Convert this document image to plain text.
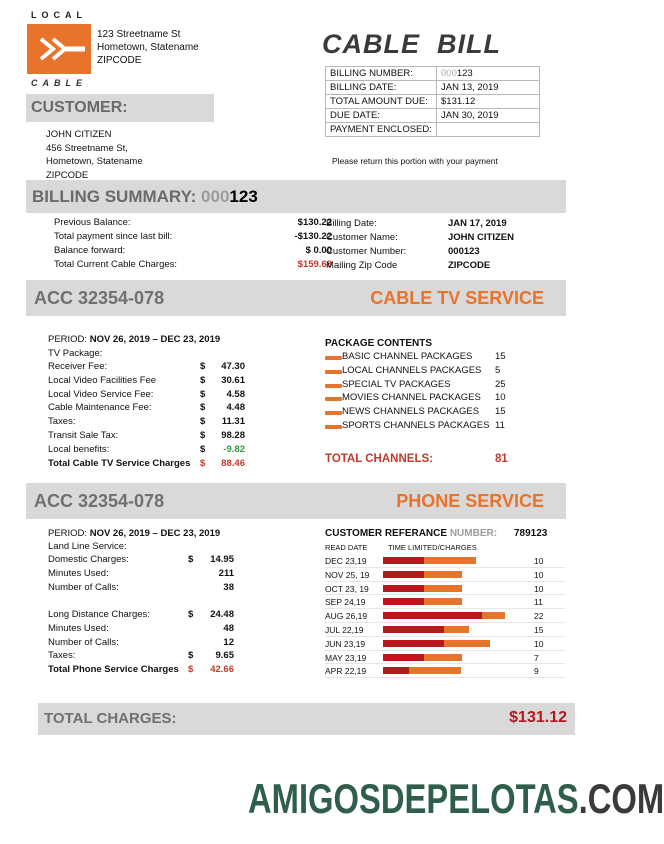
LOCAL
CABLE
123 Streetname St
Hometown, Statename
ZIPCODE
CABLE  BILL
BILLING NUMBER:	000123
BILLING DATE:	JAN 13, 2019
TOTAL AMOUNT DUE:	$131.12
DUE DATE:	JAN 30, 2019
PAYMENT ENCLOSED:	
CUSTOMER:
JOHN CITIZEN
456 Streetname St,
Hometown, Statename
ZIPCODE
Please return this portion with your payment
BILLING SUMMARY: 000123
Previous Balance:	$130.22
Total payment since last bill:	-$130.22
Balance forward:	$ 0.00
Total Current Cable Charges:	$159.68
Billing Date:	JAN 17, 2019
Customer Name:	JOHN CITIZEN
Customer Number:	000123
Mailing Zip Code	ZIPCODE
ACC 32354-078	CABLE TV SERVICE
PERIOD: NOV 26, 2019 – DEC 23, 2019
TV Package:
Receiver Fee:	$	47.30
Local Video Facilities Fee	$	30.61
Local Video Service Fee:	$	4.58
Cable Maintenance Fee:	$	4.48
Taxes:	$	11.31
Transit Sale Tax:	$	98.28
Local benefits:	$	-9.82
Total Cable TV Service Charges $	88.46
PACKAGE CONTENTS
BASIC CHANNEL PACKAGES 15
LOCAL CHANNELS PACKAGES 5
SPECIAL TV PACKAGES	25
MOVIES CHANNEL PACKAGES 10
NEWS CHANNELS PACKAGES 15
SPORTS CHANNELS PACKAGES 11
TOTAL CHANNELS:	81
ACC 32354-078	PHONE SERVICE
PERIOD: NOV 26, 2019 – DEC 23, 2019
Land Line Service:
Domestic Charges:	$	14.95
Minutes Used:	211
Number of Calls:	38
Long Distance Charges:	$	24.48
Minutes Used:	48
Number of Calls:	12
Taxes:	$	9.65
Total Phone Service Charges $	42.66
CUSTOMER REFERANCE NUMBER: 789123
READ DATE	TIME LIMITED/CHARGES
DEC 23,19	10
NOV 25, 19	10
OCT 23, 19	10
SEP 24,19	11
AUG 26,19	22
JUL 22,19	15
JUN 23,19	10
MAY 23,19	7
APR 22,19	9
TOTAL CHARGES:	$131.12
AMIGOSDEPELOTAS.COM
